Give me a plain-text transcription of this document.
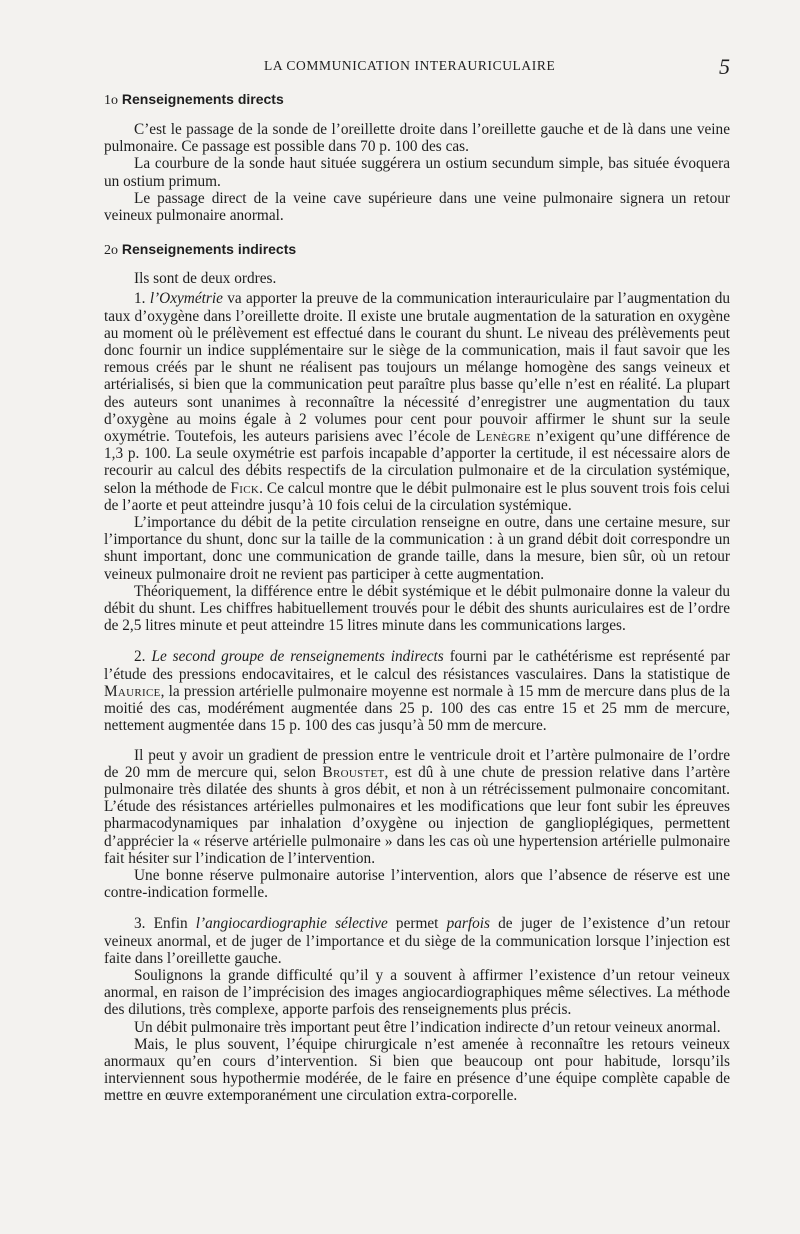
LA COMMUNICATION INTERAURICULAIRE	5
1o Renseignements directs

C’est le passage de la sonde de l’oreillette droite dans l’oreillette gauche et de là dans une veine pulmonaire. Ce passage est possible dans 70 p. 100 des cas.

La courbure de la sonde haut située suggérera un ostium secundum simple, bas située évoquera un ostium primum.

Le passage direct de la veine cave supérieure dans une veine pulmonaire signera un retour veineux pulmonaire anormal.

2o Renseignements indirects

Ils sont de deux ordres.

1. l’Oxymétrie va apporter la preuve de la communication interauriculaire par l’augmentation du taux d’oxygène dans l’oreillette droite. Il existe une brutale augmentation de la saturation en oxygène au moment où le prélèvement est effectué dans le courant du shunt. Le niveau des prélèvements peut donc fournir un indice supplémentaire sur le siège de la communication, mais il faut savoir que les remous créés par le shunt ne réalisent pas toujours un mélange homogène des sangs veineux et artérialisés, si bien que la communication peut paraître plus basse qu’elle n’est en réalité. La plupart des auteurs sont unanimes à reconnaître la nécessité d’enregistrer une augmentation du taux d’oxygène au moins égale à 2 volumes pour cent pour pouvoir affirmer le shunt sur la seule oxymétrie. Toutefois, les auteurs parisiens avec l’école de Lenègre n’exigent qu’une différence de 1,3 p. 100. La seule oxymétrie est parfois incapable d’apporter la certitude, il est nécessaire alors de recourir au calcul des débits respectifs de la circulation pulmonaire et de la circulation systémique, selon la méthode de Fick. Ce calcul montre que le débit pulmonaire est le plus souvent trois fois celui de l’aorte et peut atteindre jusqu’à 10 fois celui de la circulation systémique.

L’importance du débit de la petite circulation renseigne en outre, dans une certaine mesure, sur l’importance du shunt, donc sur la taille de la communication : à un grand débit doit correspondre un shunt important, donc une communication de grande taille, dans la mesure, bien sûr, où un retour veineux pulmonaire droit ne revient pas participer à cette augmentation.

Théoriquement, la différence entre le débit systémique et le débit pulmonaire donne la valeur du débit du shunt. Les chiffres habituellement trouvés pour le débit des shunts auriculaires est de l’ordre de 2,5 litres minute et peut atteindre 15 litres minute dans les communications larges.

2. Le second groupe de renseignements indirects fourni par le cathétérisme est représenté par l’étude des pressions endocavitaires, et le calcul des résistances vasculaires. Dans la statistique de Maurice, la pression artérielle pulmonaire moyenne est normale à 15 mm de mercure dans plus de la moitié des cas, modérément augmentée dans 25 p. 100 des cas entre 15 et 25 mm de mercure, nettement augmentée dans 15 p. 100 des cas jusqu’à 50 mm de mercure.

Il peut y avoir un gradient de pression entre le ventricule droit et l’artère pulmonaire de l’ordre de 20 mm de mercure qui, selon Broustet, est dû à une chute de pression relative dans l’artère pulmonaire très dilatée des shunts à gros débit, et non à un rétrécissement pulmonaire concomitant. L’étude des résistances artérielles pulmonaires et les modifications que leur font subir les épreuves pharmacodynamiques par inhalation d’oxygène ou injection de ganglioplégiques, permettent d’apprécier la « réserve artérielle pulmonaire » dans les cas où une hypertension artérielle pulmonaire fait hésiter sur l’indication de l’intervention.

Une bonne réserve pulmonaire autorise l’intervention, alors que l’absence de réserve est une contre-indication formelle.

3. Enfin l’angiocardiographie sélective permet parfois de juger de l’existence d’un retour veineux anormal, et de juger de l’importance et du siège de la communication lorsque l’injection est faite dans l’oreillette gauche.

Soulignons la grande difficulté qu’il y a souvent à affirmer l’existence d’un retour veineux anormal, en raison de l’imprécision des images angiocardiographiques même sélectives. La méthode des dilutions, très complexe, apporte parfois des renseignements plus précis.

Un débit pulmonaire très important peut être l’indication indirecte d’un retour veineux anormal.

Mais, le plus souvent, l’équipe chirurgicale n’est amenée à reconnaître les retours veineux anormaux qu’en cours d’intervention. Si bien que beaucoup ont pour habitude, lorsqu’ils interviennent sous hypothermie modérée, de le faire en présence d’une équipe complète capable de mettre en œuvre extemporanément une circulation extra-corporelle.
